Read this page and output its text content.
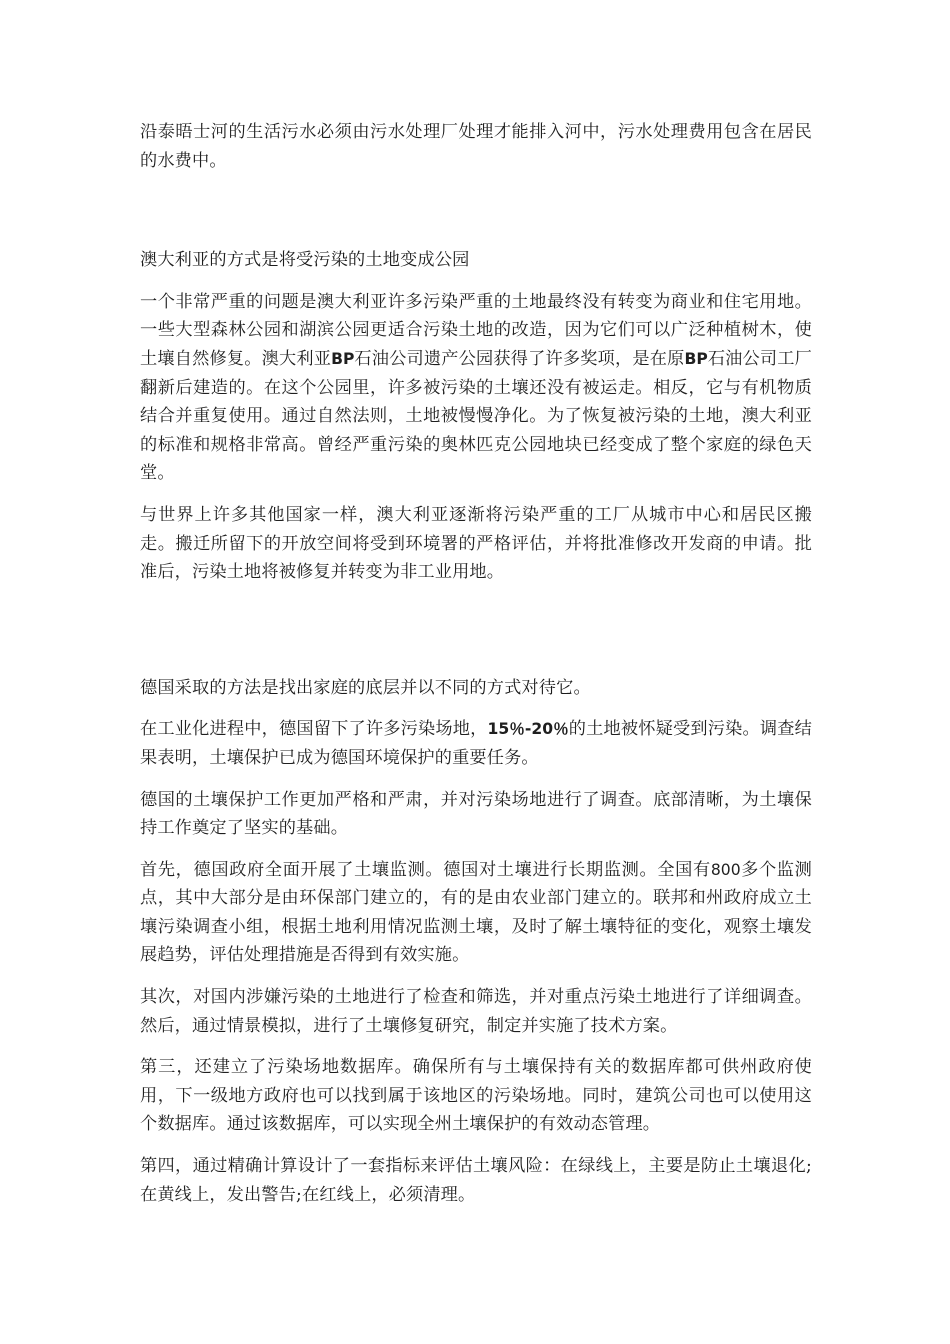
沿泰晤士河的生活污水必须由污水处理厂处理才能排入河中，污水处理费用包含在居民的水费中。

澳大利亚的方式是将受污染的土地变成公园

一个非常严重的问题是澳大利亚许多污染严重的土地最终没有转变为商业和住宅用地。一些大型森林公园和湖滨公园更适合污染土地的改造，因为它们可以广泛种植树木，使土壤自然修复。澳大利亚BP石油公司遗产公园获得了许多奖项，是在原BP石油公司工厂翻新后建造的。在这个公园里，许多被污染的土壤还没有被运走。相反，它与有机物质结合并重复使用。通过自然法则，土地被慢慢净化。为了恢复被污染的土地，澳大利亚的标准和规格非常高。曾经严重污染的奥林匹克公园地块已经变成了整个家庭的绿色天堂。

与世界上许多其他国家一样，澳大利亚逐渐将污染严重的工厂从城市中心和居民区搬走。搬迁所留下的开放空间将受到环境署的严格评估，并将批准修改开发商的申请。批准后，污染土地将被修复并转变为非工业用地。

德国采取的方法是找出家庭的底层并以不同的方式对待它。

在工业化进程中，德国留下了许多污染场地，15％-20％的土地被怀疑受到污染。调查结果表明，土壤保护已成为德国环境保护的重要任务。

德国的土壤保护工作更加严格和严肃，并对污染场地进行了调查。底部清晰，为土壤保持工作奠定了坚实的基础。

首先，德国政府全面开展了土壤监测。德国对土壤进行长期监测。全国有800多个监测点，其中大部分是由环保部门建立的，有的是由农业部门建立的。联邦和州政府成立土壤污染调查小组，根据土地利用情况监测土壤，及时了解土壤特征的变化，观察土壤发展趋势，评估处理措施是否得到有效实施。

其次，对国内涉嫌污染的土地进行了检查和筛选，并对重点污染土地进行了详细调查。然后，通过情景模拟，进行了土壤修复研究，制定并实施了技术方案。

第三，还建立了污染场地数据库。确保所有与土壤保持有关的数据库都可供州政府使用，下一级地方政府也可以找到属于该地区的污染场地。同时，建筑公司也可以使用这个数据库。通过该数据库，可以实现全州土壤保护的有效动态管理。

第四，通过精确计算设计了一套指标来评估土壤风险：在绿线上，主要是防止土壤退化;在黄线上，发出警告;在红线上，必须清理。
